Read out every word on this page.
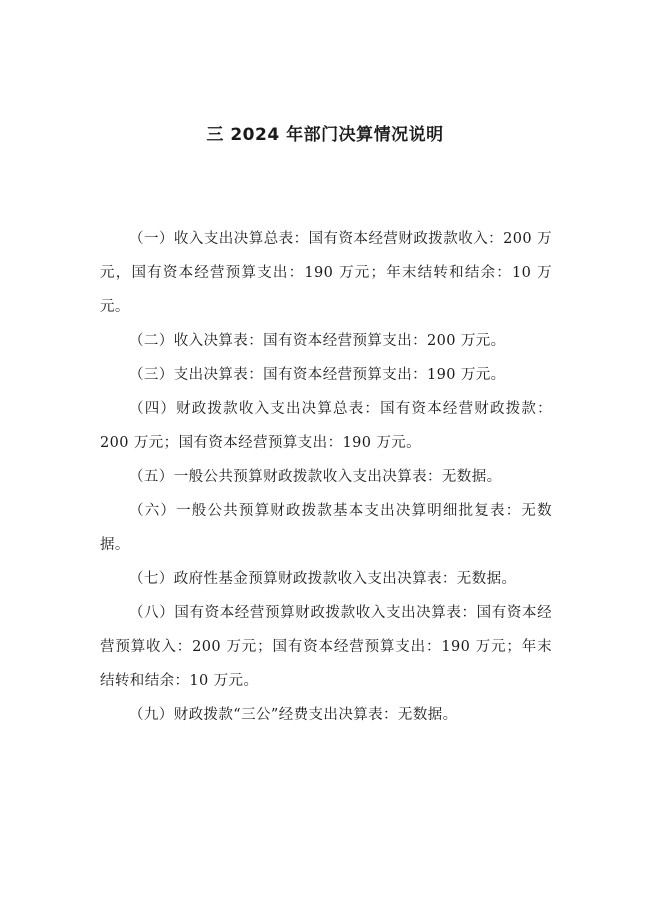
三 2024 年部门决算情况说明

（一）收入支出决算总表：国有资本经营财政拨款收入：200 万元，国有资本经营预算支出：190 万元；年末结转和结余：10 万元。

（二）收入决算表：国有资本经营预算支出：200 万元。

（三）支出决算表：国有资本经营预算支出：190 万元。

（四）财政拨款收入支出决算总表：国有资本经营财政拨款：200 万元；国有资本经营预算支出：190 万元。

（五）一般公共预算财政拨款收入支出决算表：无数据。

（六）一般公共预算财政拨款基本支出决算明细批复表：无数据。

（七）政府性基金预算财政拨款收入支出决算表：无数据。

（八）国有资本经营预算财政拨款收入支出决算表：国有资本经营预算收入：200 万元；国有资本经营预算支出：190 万元；年末结转和结余：10 万元。

（九）财政拨款“三公”经费支出决算表：无数据。
